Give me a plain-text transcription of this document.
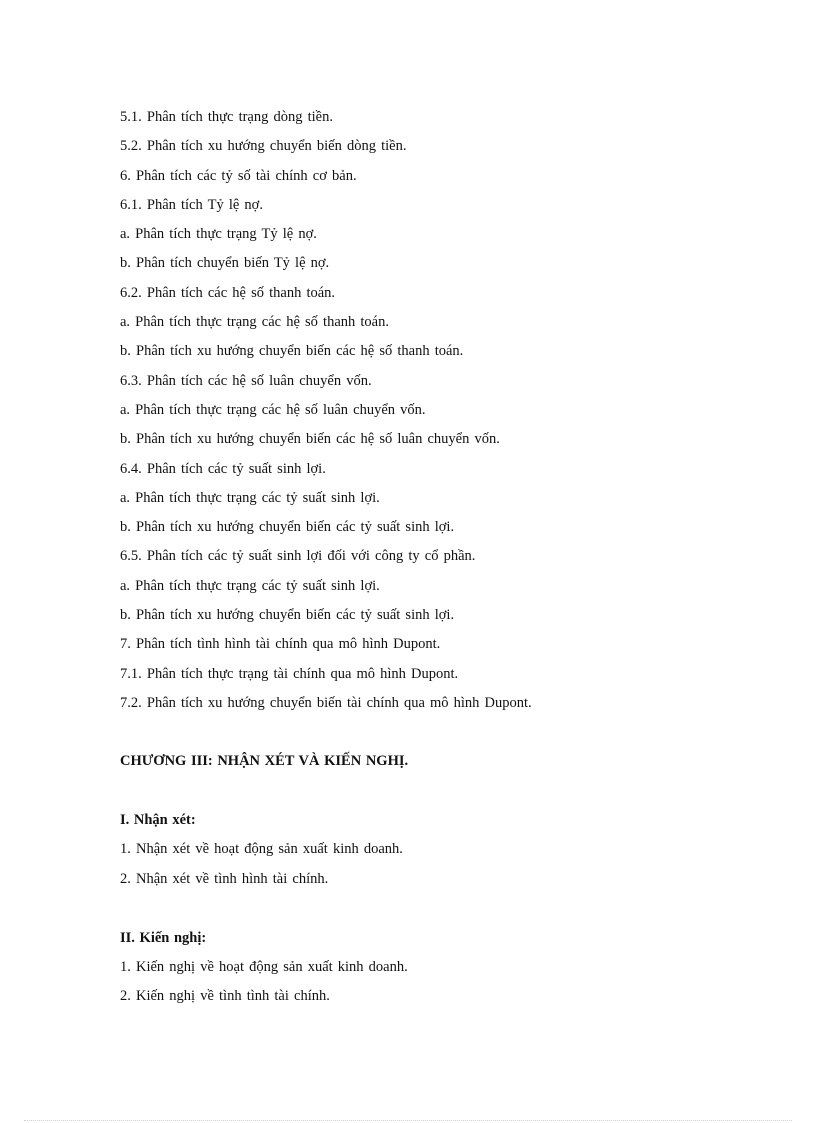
5.1. Phân tích thực trạng dòng tiền.
5.2. Phân tích xu hướng chuyển biến dòng tiền.
6. Phân tích các tỷ số tài chính cơ bản.
6.1. Phân tích Tỷ lệ nợ.
a. Phân tích thực trạng Tỷ lệ nợ.
b. Phân tích chuyển biến Tỷ lệ nợ.
6.2. Phân tích các hệ số thanh toán.
a. Phân tích thực trạng các hệ số thanh toán.
b. Phân tích xu hướng chuyển biến các hệ số thanh toán.
6.3. Phân tích các hệ số luân chuyển vốn.
a. Phân tích thực trạng các hệ số luân chuyển vốn.
b. Phân tích xu hướng chuyển biến các hệ số luân chuyển vốn.
6.4. Phân tích các tỷ suất sinh lợi.
a. Phân tích thực trạng các tỷ suất sinh lợi.
b. Phân tích xu hướng chuyển biến các tỷ suất sinh lợi.
6.5. Phân tích các tỷ suất sinh lợi đối với công ty cổ phần.
a. Phân tích thực trạng các tỷ suất sinh lợi.
b. Phân tích xu hướng chuyển biến các tỷ suất sinh lợi.
7. Phân tích tình hình tài chính qua mô hình Dupont.
7.1. Phân tích thực trạng tài chính qua mô hình Dupont.
7.2. Phân tích xu hướng chuyển biến tài chính qua mô hình Dupont.
CHƯƠNG III: NHẬN XÉT VÀ KIẾN NGHỊ.
I. Nhận xét:
1. Nhận xét về hoạt động sản xuất kinh doanh.
2. Nhận xét về tình hình tài chính.
II. Kiến nghị:
1. Kiến nghị về hoạt động sản xuất kinh doanh.
2. Kiến nghị về tình tình tài chính.
